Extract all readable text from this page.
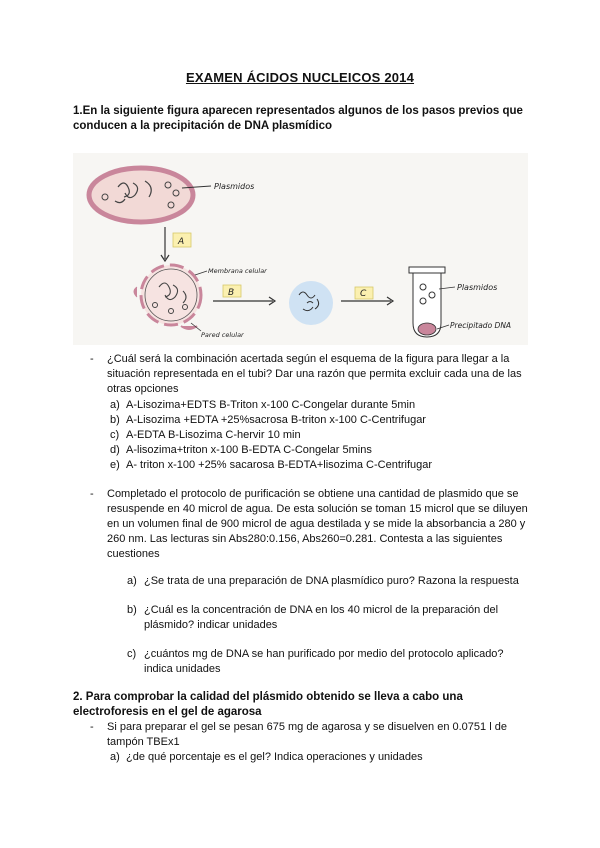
EXAMEN ÁCIDOS NUCLEICOS 2014
1.En la siguiente figura aparecen representados algunos de los pasos previos que conducen a la precipitación de DNA plasmídico
Plasmidos
A
Membrana celular
Pared celular
B	C
Plasmidos
Precipitado DNA
- ¿Cuál será la combinación acertada según el esquema de la figura para llegar a la situación representada en el tubi? Dar una razón que permita excluir cada una de las otras opciones
a) A-Lisozima+EDTS B-Triton x-100 C-Congelar durante 5min
b) A-Lisozima +EDTA +25%sacrosa B-triton x-100 C-Centrifugar
c) A-EDTA B-Lisozima C-hervir 10 min
d) A-lisozima+triton x-100 B-EDTA C-Congelar 5mins
e) A- triton x-100 +25% sacarosa B-EDTA+lisozima C-Centrifugar
- Completado el protocolo de purificación se obtiene una cantidad de plasmido que se resuspende en 40 microl de agua. De esta solución se toman 15 microl que se diluyen en un volumen final de 900 microl de agua destilada y se mide la absorbancia a 280 y 260 nm. Las lecturas sin Abs280:0.156, Abs260=0.281. Contesta a las siguientes cuestiones
a) ¿Se trata de una preparación de DNA plasmídico puro? Razona la respuesta
b) ¿Cuál es la concentración de DNA en los 40 microl de la preparación del plásmido? indicar unidades
c) ¿cuántos mg de DNA se han purificado por medio del protocolo aplicado? indica unidades
2. Para comprobar la calidad del plásmido obtenido se lleva a cabo una electroforesis en el gel de agarosa
- Si para preparar el gel se pesan 675 mg de agarosa y se disuelven en 0.0751 l de tampón TBEx1
a) ¿de qué porcentaje es el gel? Indica operaciones y unidades
